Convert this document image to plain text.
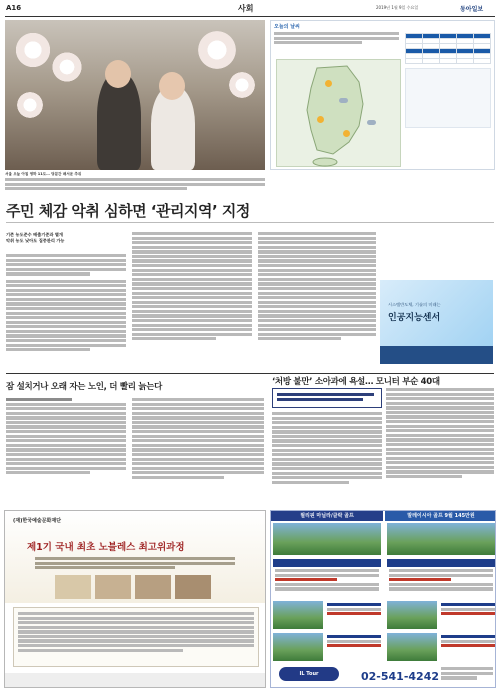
A16	사회	2019년 1월 9일 수요일	동아일보
서울 오늘 아침 영하 11도… 당분간 매서운 추위
오늘의 날씨

주민 체감 악취 심하면 ‘관리지역’ 지정
기존 농도준수 배출기준과 별개
악취 농도 낮아도 집중관리 가능
시스템반도체, 기술의 미래는
인공지능센서
잠 설치거나 오래 자는 노인, 더 빨리 늙는다	‘처방 불만’ 소아과에 욕설… 모니터 부순 40대
(재)한국예술문화재단
제1기 국내 최초 노블레스 최고위과정
필리핀 마닐라/클락 골프	말레이시아 골프 9월 145만원
IL Tour	02-541-4242
